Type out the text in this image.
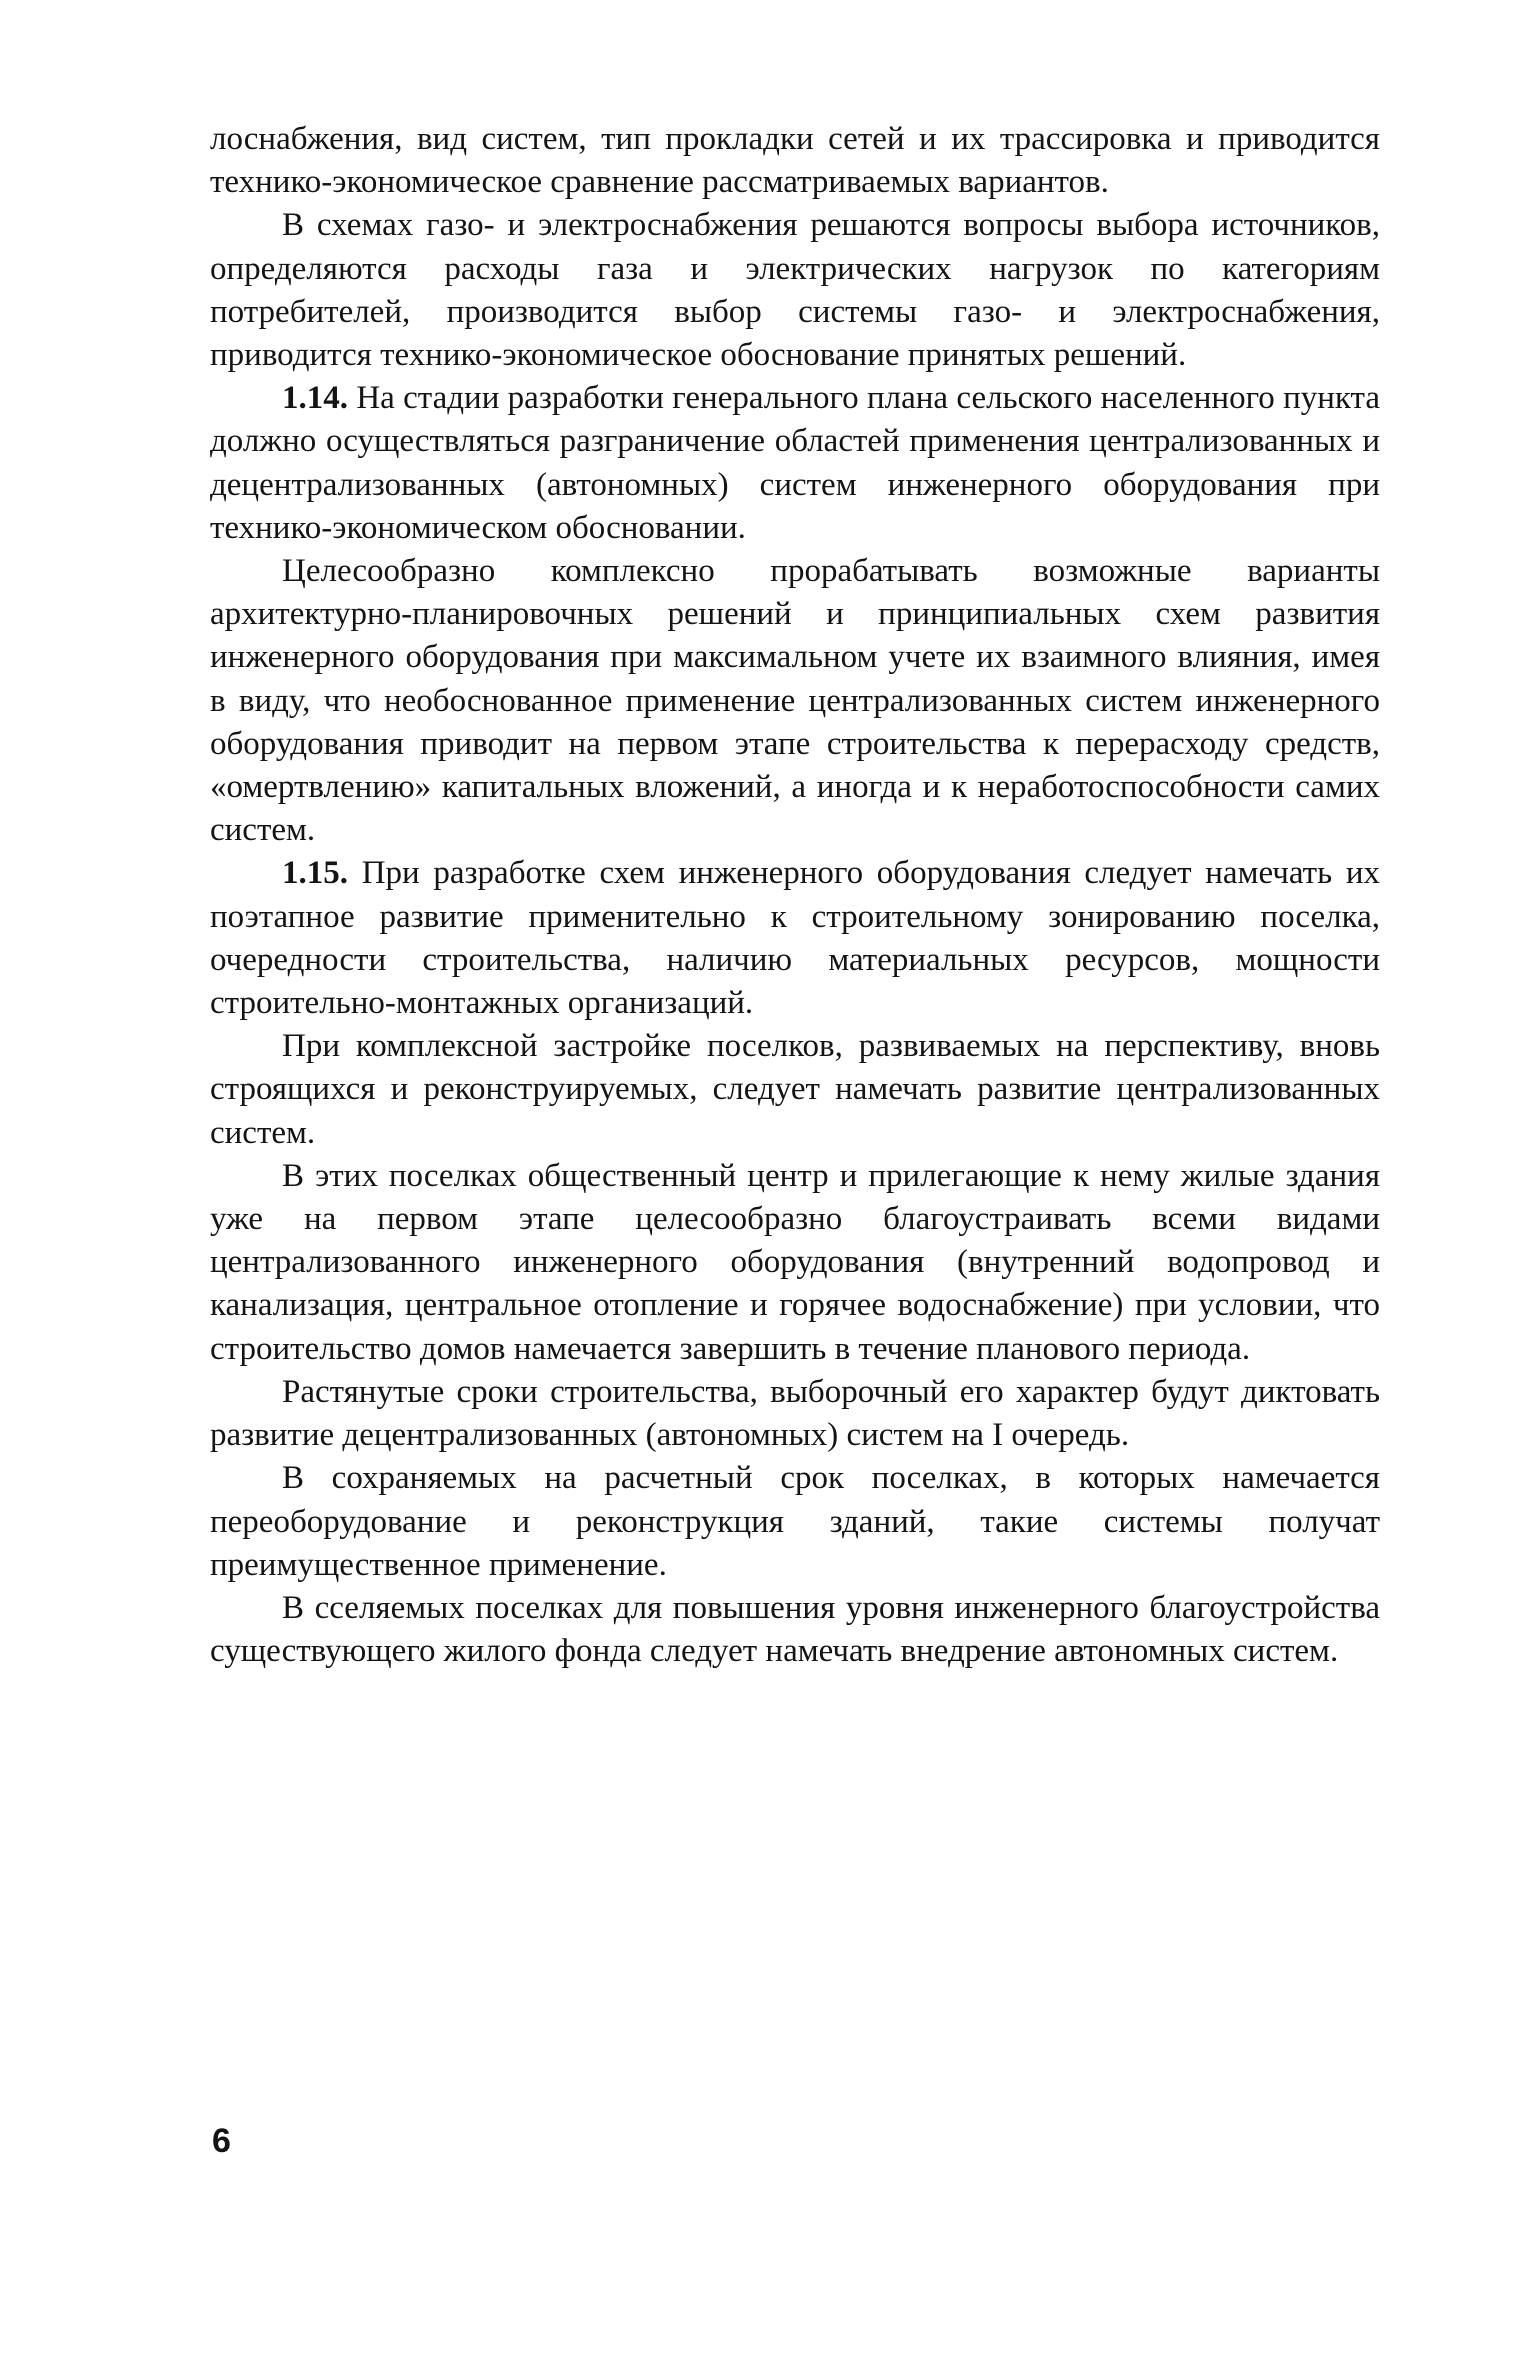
лоснабжения, вид систем, тип прокладки сетей и их трассировка и приводится технико-экономическое сравнение рассматриваемых вариантов.

В схемах газо- и электроснабжения решаются вопросы выбора источников, определяются расходы газа и электрических нагрузок по категориям потребителей, производится выбор системы газо- и электроснабжения, приводится технико-экономическое обоснование принятых решений.

1.14. На стадии разработки генерального плана сельского населенного пункта должно осуществляться разграничение областей применения централизованных и децентрализованных (автономных) систем инженерного оборудования при технико-экономическом обосновании.

Целесообразно комплексно прорабатывать возможные варианты архитектурно-планировочных решений и принципиальных схем развития инженерного оборудования при максимальном учете их взаимного влияния, имея в виду, что необоснованное применение централизованных систем инженерного оборудования приводит на первом этапе строительства к перерасходу средств, «омертвлению» капитальных вложений, а иногда и к неработоспособности самих систем.

1.15. При разработке схем инженерного оборудования следует намечать их поэтапное развитие применительно к строительному зонированию поселка, очередности строительства, наличию материальных ресурсов, мощности строительно-монтажных организаций.

При комплексной застройке поселков, развиваемых на перспективу, вновь строящихся и реконструируемых, следует намечать развитие централизованных систем.

В этих поселках общественный центр и прилегающие к нему жилые здания уже на первом этапе целесообразно благоустраивать всеми видами централизованного инженерного оборудования (внутренний водопровод и канализация, центральное отопление и горячее водоснабжение) при условии, что строительство домов намечается завершить в течение планового периода.

Растянутые сроки строительства, выборочный его характер будут диктовать развитие децентрализованных (автономных) систем на I очередь.

В сохраняемых на расчетный срок поселках, в которых намечается переоборудование и реконструкция зданий, такие системы получат преимущественное применение.

В сселяемых поселках для повышения уровня инженерного благоустройства существующего жилого фонда следует намечать внедрение автономных систем.

6
